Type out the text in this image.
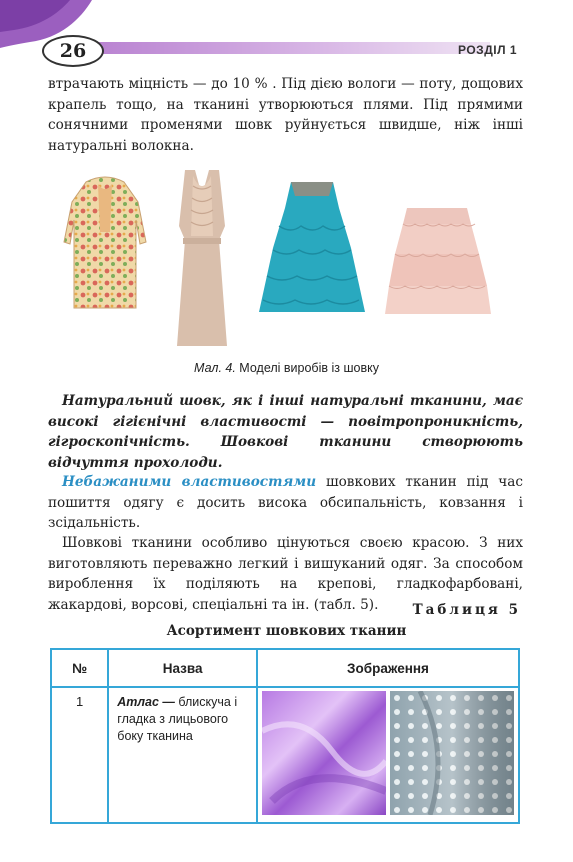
26	РОЗДІЛ 1

втрачають міцність — до 10 % . Під дією вологи — поту, дощових крапель тощо, на тканині утворюються плями. Під прямими сонячними променями шовк руйнується швидше, ніж інші натуральні волокна.

Мал. 4. Моделі виробів із шовку

Натуральний шовк, як і інші натуральні тканини, має високі гігієнічні властивості — повітропроникність, гігроскопічність. Шовкові тканини створюють відчуття прохолоди.

Небажаними властивостями шовкових тканин під час пошиття одягу є досить висока обсипальність, ковзання і зсідальність.

Шовкові тканини особливо цінуються своєю красою. З них виготовляють переважно легкий і вишуканий одяг. За способом вироблення їх поділяють на крепові, гладкофарбовані, жакардові, ворсові, спеціальні та ін. (табл. 5).	Таблиця 5
Асортимент шовкових тканин
№	Назва	Зображення
1	Атлас — блискуча і гладка з лицьового боку тканина	
